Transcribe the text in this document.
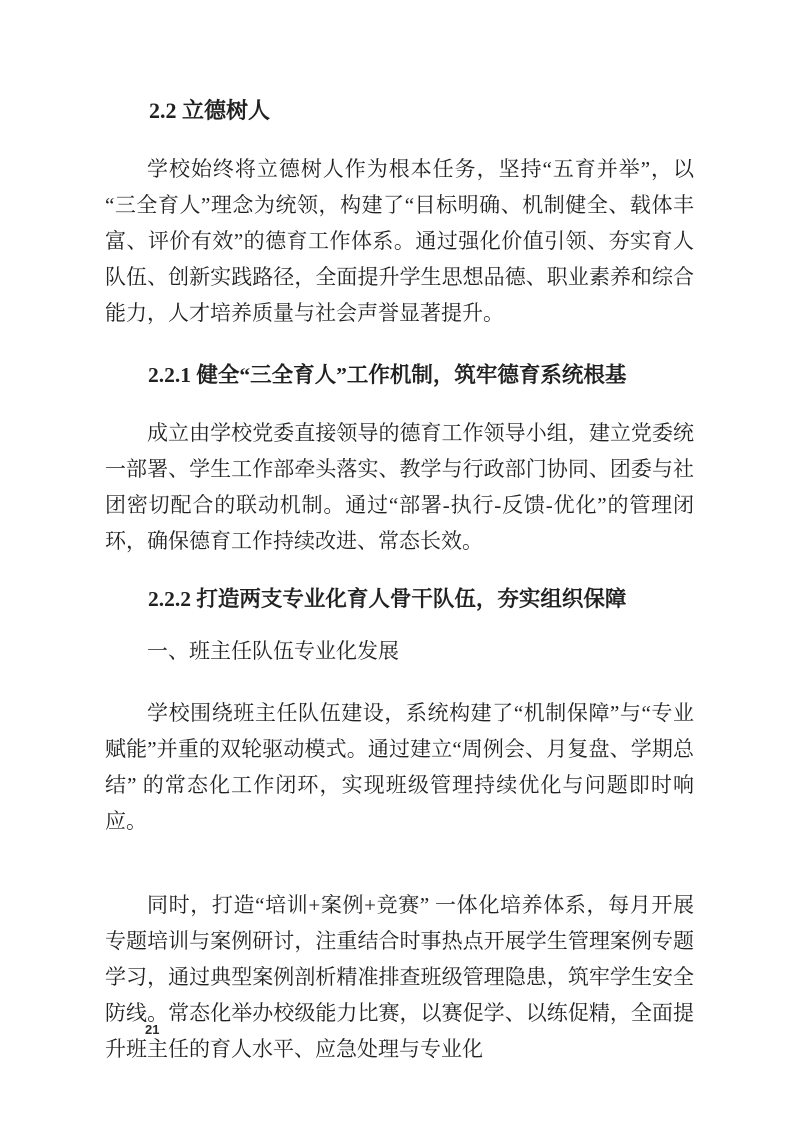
2.2 立德树人

学校始终将立德树人作为根本任务，坚持“五育并举”，以“三全育人”理念为统领，构建了“目标明确、机制健全、载体丰富、评价有效”的德育工作体系。通过强化价值引领、夯实育人队伍、创新实践路径，全面提升学生思想品德、职业素养和综合能力，人才培养质量与社会声誉显著提升。

2.2.1 健全“三全育人”工作机制，筑牢德育系统根基

成立由学校党委直接领导的德育工作领导小组，建立党委统一部署、学生工作部牵头落实、教学与行政部门协同、团委与社团密切配合的联动机制。通过“部署-执行-反馈-优化”的管理闭环，确保德育工作持续改进、常态长效。

2.2.2 打造两支专业化育人骨干队伍，夯实组织保障

一、班主任队伍专业化发展

学校围绕班主任队伍建设，系统构建了“机制保障”与“专业赋能”并重的双轮驱动模式。通过建立“周例会、月复盘、学期总结” 的常态化工作闭环，实现班级管理持续优化与问题即时响应。

同时，打造“培训+案例+竞赛” 一体化培养体系，每月开展专题培训与案例研讨，注重结合时事热点开展学生管理案例专题学习，通过典型案例剖析精准排查班级管理隐患，筑牢学生安全防线。常态化举办校级能力比赛，以赛促学、以练促精，全面提升班主任的育人水平、应急处理与专业化

21
